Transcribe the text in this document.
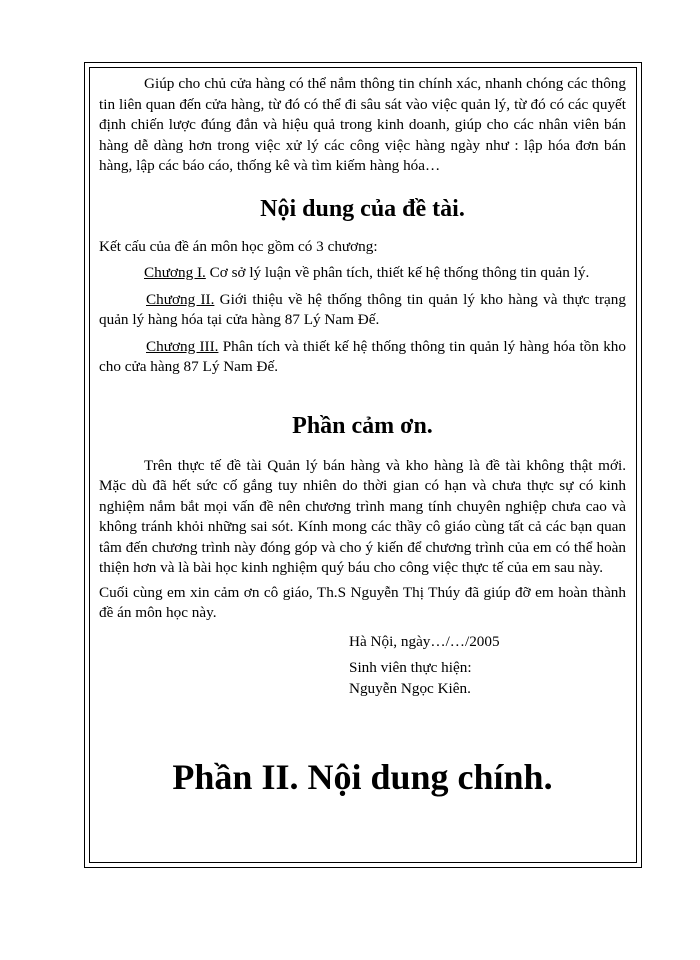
Giúp cho chủ cửa hàng có thể nắm thông tin chính xác, nhanh chóng các thông tin liên quan đến cửa hàng, từ đó có thể đi sâu sát vào việc quản lý, từ đó có các quyết định chiến lược đúng đắn và hiệu quả trong kinh doanh, giúp cho các nhân viên bán hàng dễ dàng hơn trong việc xử lý các công việc hàng ngày như : lập hóa đơn bán hàng, lập các báo cáo, thống kê và tìm kiếm hàng hóa…

Nội dung của đề tài.

Kết cấu của đề án môn học gồm có 3 chương:

Chương I. Cơ sở lý luận về phân tích, thiết kế hệ thống thông tin quản lý.

Chương II. Giới thiệu về hệ thống thông tin quản lý kho hàng và thực trạng quản lý hàng hóa tại cửa hàng 87 Lý Nam Đế.

Chương III. Phân tích và thiết kế hệ thống thông tin quản lý hàng hóa tồn kho cho cửa hàng 87 Lý Nam Đế.

Phần cảm ơn.

Trên thực tế đề tài Quản lý bán hàng và kho hàng là đề tài không thật mới. Mặc dù đã hết sức cố gắng tuy nhiên do thời gian có hạn và chưa thực sự có kinh nghiệm nắm bắt mọi vấn đề nên chương trình mang tính chuyên nghiệp chưa cao và không tránh khỏi những sai sót. Kính mong các thầy cô giáo cùng tất cả các bạn quan tâm đến chương trình này đóng góp và cho ý kiến để chương trình của em có thể hoàn thiện hơn và là bài học kinh nghiệm quý báu cho công việc thực tế của em sau này.

Cuối cùng em xin cảm ơn cô giáo, Th.S Nguyễn Thị Thúy đã giúp đỡ em hoàn thành đề án môn học này.

Hà Nội, ngày…/…/2005

Sinh viên thực hiện:

Nguyễn Ngọc Kiên.

Phần II. Nội dung chính.
